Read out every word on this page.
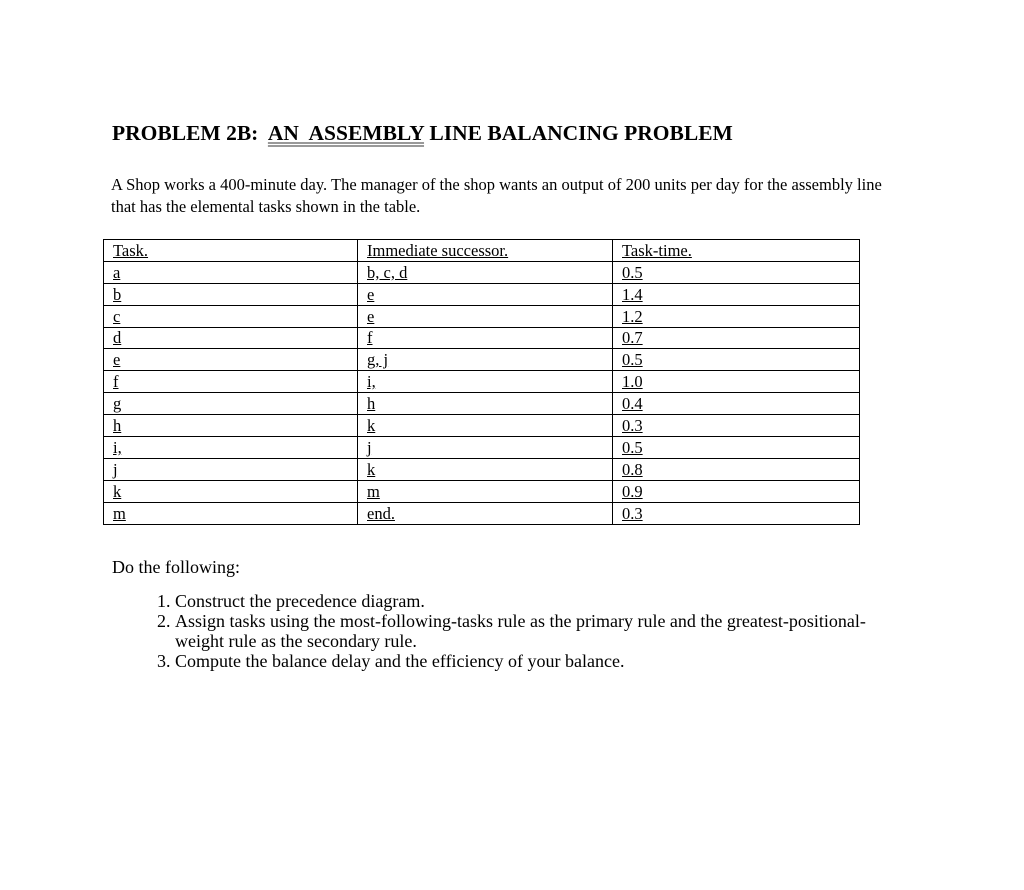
PROBLEM 2B:  AN  ASSEMBLY LINE BALANCING PROBLEM
A Shop works a 400-minute day. The manager of the shop wants an output of 200 units per day for the assembly line that has the elemental tasks shown in the table.
Task.	Immediate successor.	Task-time.
a	b, c, d	0.5
b	e	1.4
c	e	1.2
d	f	0.7
e	g, j	0.5
f	i,	1.0
g	h	0.4
h	k	0.3
i,	j	0.5
j	k	0.8
k	m	0.9
m	end.	0.3
Do the following:
1. Construct the precedence diagram.
2. Assign tasks using the most-following-tasks rule as the primary rule and the greatest-positional-weight rule as the secondary rule.
3. Compute the balance delay and the efficiency of your balance.
